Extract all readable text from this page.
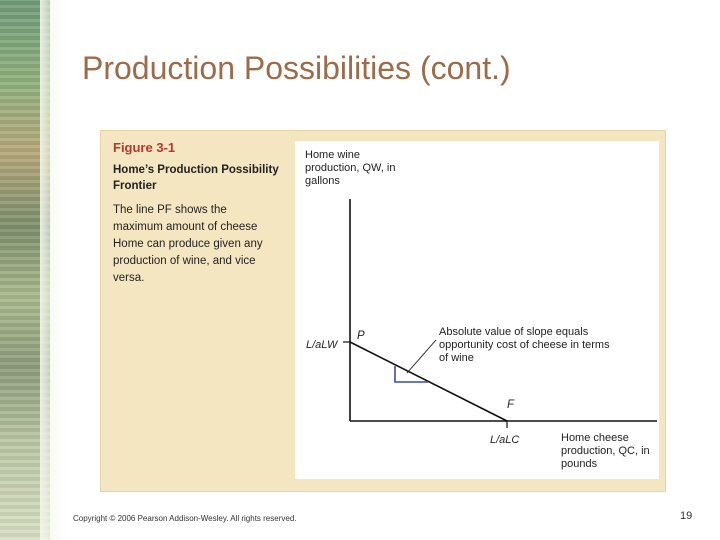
Production Possibilities (cont.)
Figure 3-1
Home’s Production Possibility Frontier
The line PF shows the maximum amount of cheese Home can produce given any production of wine, and vice versa.
Home wine production, QW, in gallons
L/aLW
P	Absolute value of slope equals opportunity cost of cheese in terms of wine
F
L/aLC	Home cheese production, QC, in pounds
Copyright © 2006 Pearson Addison-Wesley. All rights reserved.	19
